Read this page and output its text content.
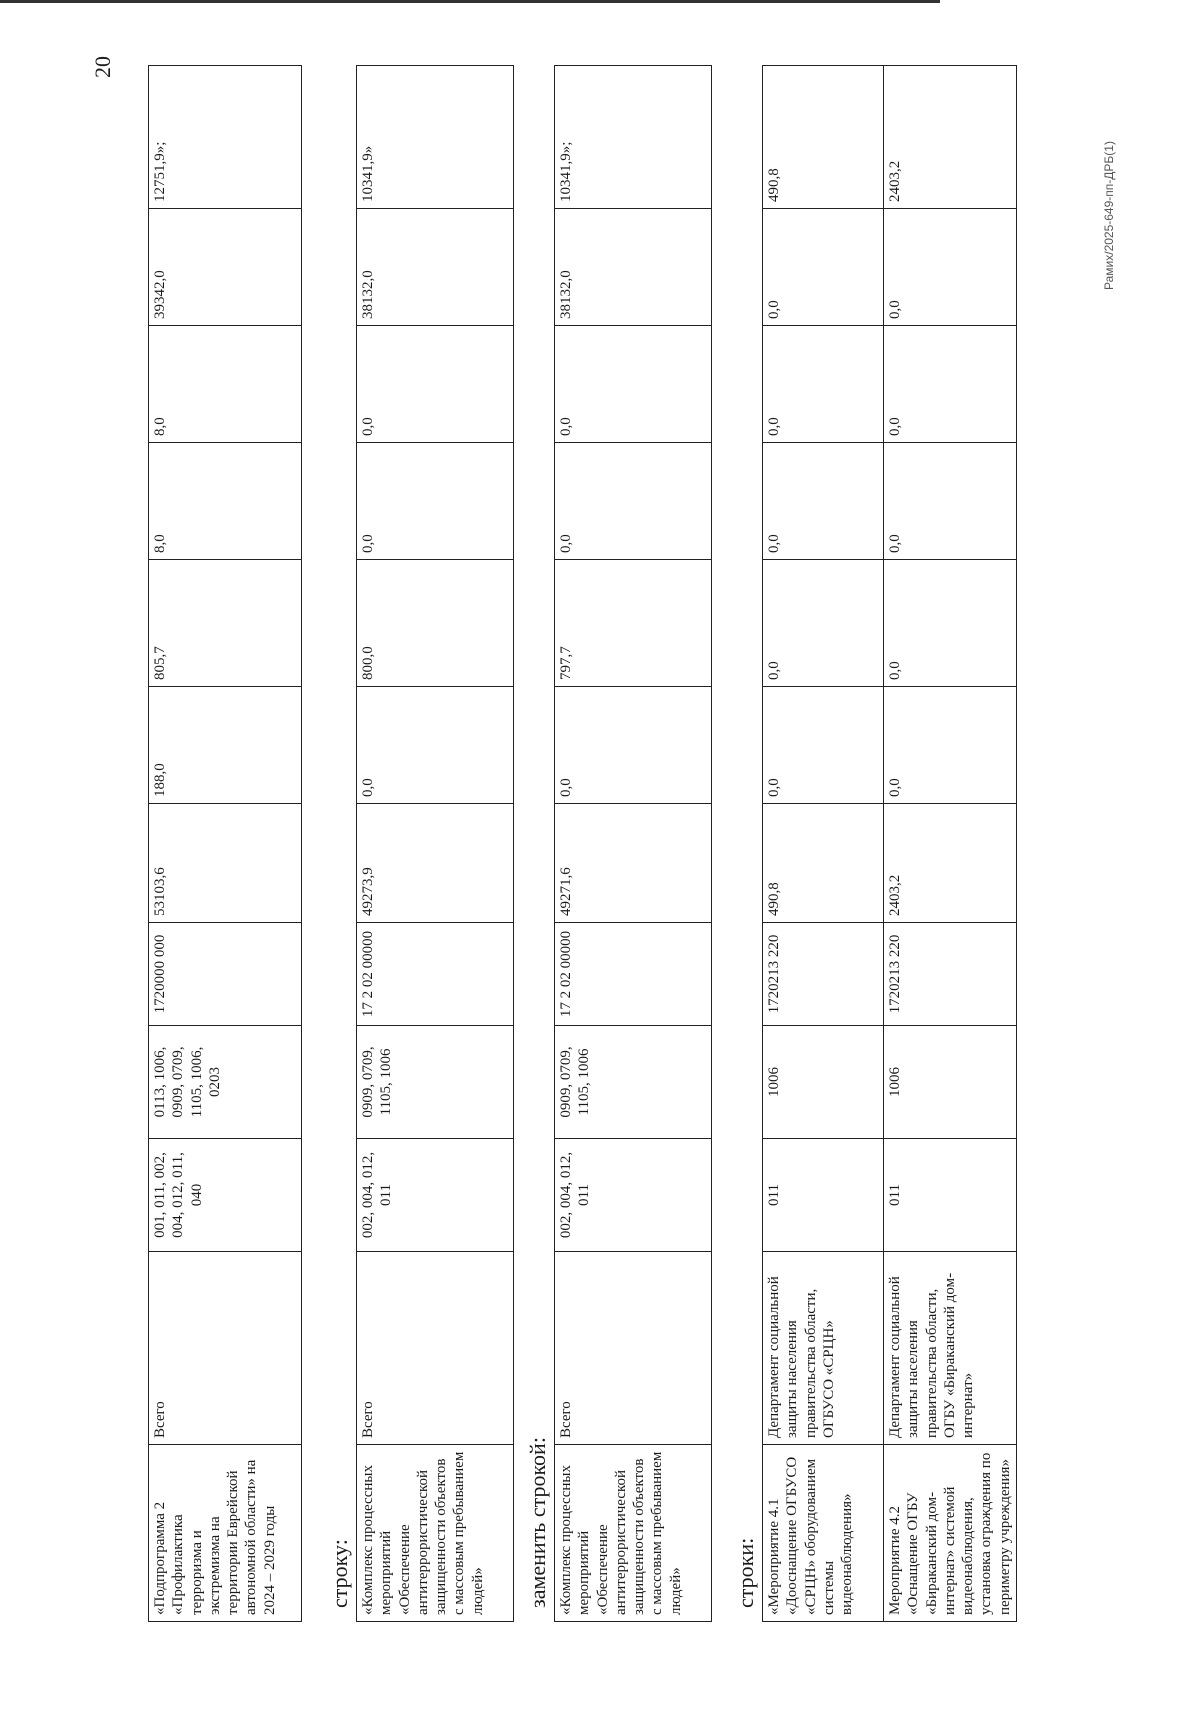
20
Рамих/2025-649-пп-ДРБ(1)
«Подпрограмма 2 «Профилактика терроризма и экстремизма на территории Еврейской автономной области» на 2024 – 2029 годы	Всего	001, 011, 002, 004, 012, 011, 040	0113, 1006, 0909, 0709, 1105, 1006, 0203	1720000 000	53103,6	188,0	805,7	8,0	8,0	39342,0	12751,9»;
строку: «Комплекс процессных мероприятий «Обеспечение антитеррористической защищенности объектов с массовым пребыванием людей»	Всего	002, 004, 012, 011	0909, 0709, 1105, 1006	17 2 02 00000	49273,9	0,0	800,0	0,0	0,0	38132,0	10341,9»
заменить строкой: «Комплекс процессных мероприятий «Обеспечение антитеррористической защищенности объектов с массовым пребыванием людей»	Всего	002, 004, 012, 011	0909, 0709, 1105, 1006	17 2 02 00000	49271,6	0,0	797,7	0,0	0,0	38132,0	10341,9»;
строки: «Мероприятие 4.1 «Дооснащение ОГБУСО «СРЦН» оборудованием системы видеонаблюдения»	Департамент социальной защиты населения правительства области, ОГБУСО «СРЦН»	011	1006	1720213 220	490,8	0,0	0,0	0,0	0,0	0,0	490,8
Мероприятие 4.2 «Оснащение ОГБУ «Бираканский дом-интернат» системой видеонаблюдения, установка ограждения по периметру учреждения»	Департамент социальной защиты населения правительства области, ОГБУ «Бираканский дом-интернат»	011	1006	1720213 220	2403,2	0,0	0,0	0,0	0,0	0,0	2403,2
